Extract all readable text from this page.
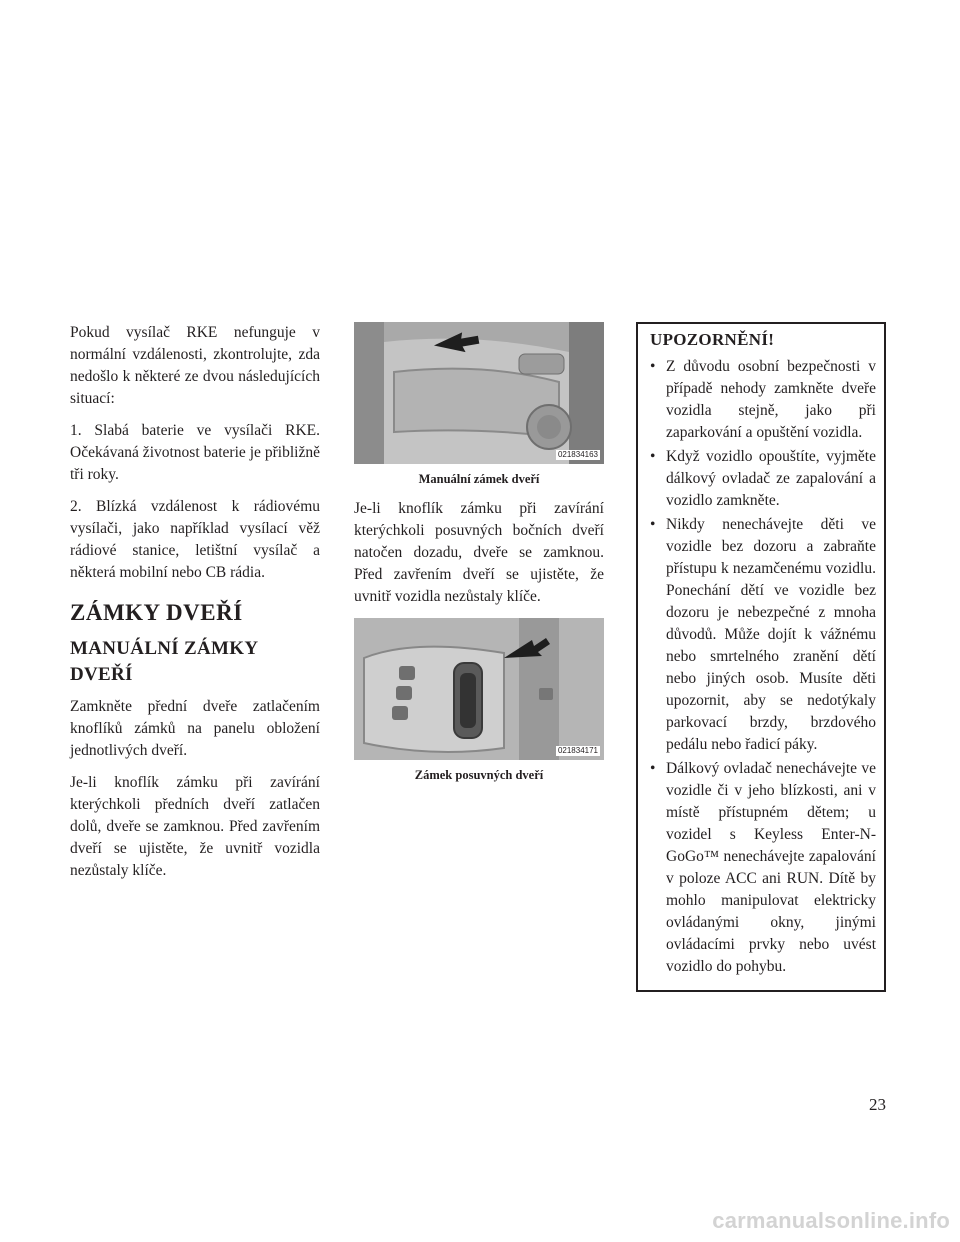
Pokud vysílač RKE nefunguje v normální vzdálenosti, zkontrolujte, zda nedošlo k některé ze dvou následujících situací:

1. Slabá baterie ve vysílači RKE. Očekávaná životnost baterie je přibližně tři roky.

2. Blízká vzdálenost k rádiovému vysílači, jako například vysílací věž rádiové stanice, letištní vysílač a některá mobilní nebo CB rádia.

ZÁMKY DVEŘÍ
MANUÁLNÍ ZÁMKY DVEŘÍ

Zamkněte přední dveře zatlačením knoflíků zámků na panelu obložení jednotlivých dveří.

Je-li knoflík zámku při zavírání kterýchkoli předních dveří zatlačen dolů, dveře se zamknou. Před zavřením dveří se ujistěte, že uvnitř vozidla nezůstaly klíče.

021834163
Manuální zámek dveří

Je-li knoflík zámku při zavírání kterýchkoli posuvných bočních dveří natočen dozadu, dveře se zamknou. Před zavřením dveří se ujistěte, že uvnitř vozidla nezůstaly klíče.

021834171
Zámek posuvných dveří
UPOZORNĚNÍ!
• Z důvodu osobní bezpečnosti v případě nehody zamkněte dveře vozidla stejně, jako při zaparkování a opuštění vozidla.
• Když vozidlo opouštíte, vyjměte dálkový ovladač ze zapalování a vozidlo zamkněte.
• Nikdy nenechávejte děti ve vozidle bez dozoru a zabraňte přístupu k nezamčenému vozidlu. Ponechání dětí ve vozidle bez dozoru je nebezpečné z mnoha důvodů. Může dojít k vážnému nebo smrtelného zranění dětí nebo jiných osob. Musíte děti upozornit, aby se nedotýkaly parkovací brzdy, brzdového pedálu nebo řadicí páky.
• Dálkový ovladač nenechávejte ve vozidle či v jeho blízkosti, ani v místě přístupném dětem; u vozidel s Keyless Enter-N-GoGo™ nenechávejte zapalování v poloze ACC ani RUN. Dítě by mohlo manipulovat elektricky ovládanými okny, jinými ovládacími prvky nebo uvést vozidlo do pohybu.
23
carmanualsonline.info
